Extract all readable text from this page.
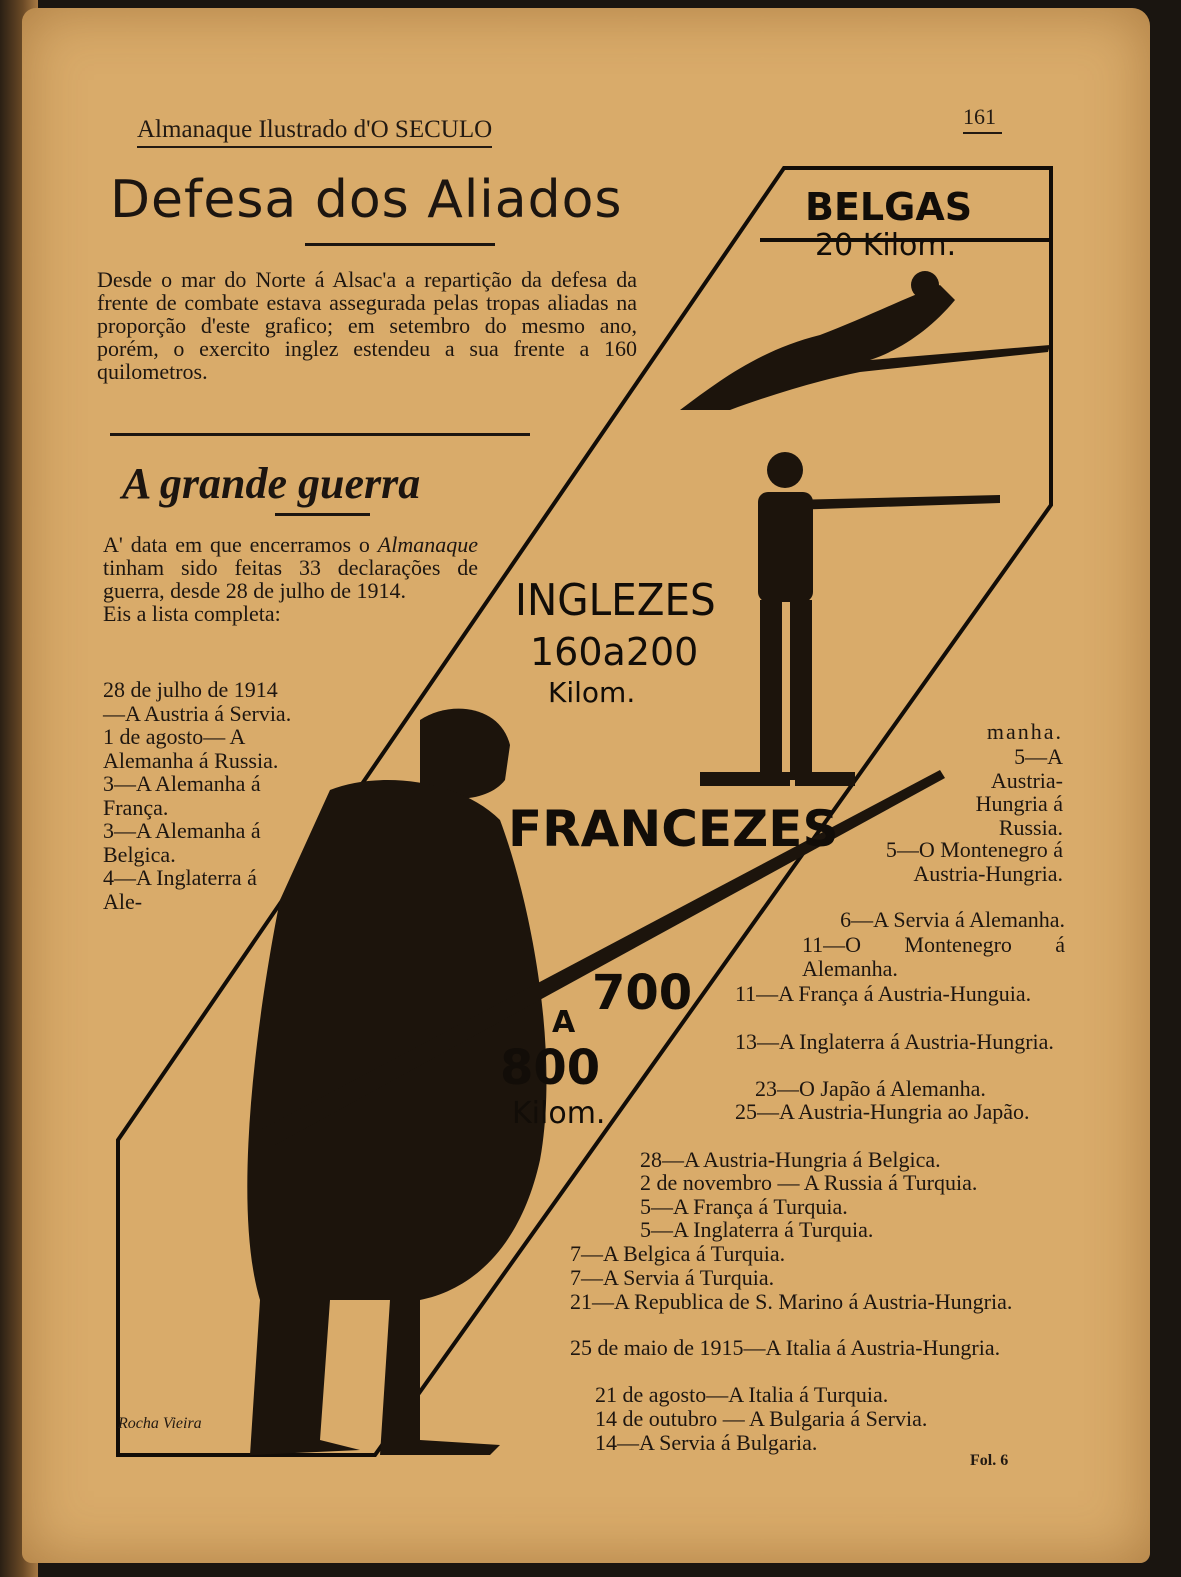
Almanaque Ilustrado d'O SECULO	161
Defesa dos Aliados
Desde o mar do Norte á Alsac'a a repartição da defesa da frente de combate estava assegurada pelas tropas aliadas na proporção d'este grafico; em setembro do mesmo ano, porém, o exercito inglez estendeu a sua frente a 160 quilometros.
A grande guerra
A' data em que encerramos o Almanaque tinham sido feitas 33 declarações de guerra, desde 28 de julho de 1914.
Eis a lista completa:
28 de julho de 1914—A Austria á Servia.
1 de agosto— A Alemanha á Russia.
3—A Alemanha á França.
3—A Alemanha á Belgica.
4—A Inglaterra á Ale-
BELGAS
20 Kilom.
INGLEZES
160a200
Kilom.
FRANCEZES
700
A
800
Kilom.
manha.
5—A Austria-Hungria á Russia.
5—O Montenegro á Austria-Hungria.
6—A Servia á Alemanha.
11—O Montenegro á Alemanha.
11—A França á Austria-Hunguia.
13—A Inglaterra á Austria-Hungria.
23—O Japão á Alemanha.
25—A Austria-Hungria ao Japão.
28—A Austria-Hungria á Belgica.
2 de novembro — A Russia á Turquia.
5—A França á Turquia.
5—A Inglaterra á Turquia.
7—A Belgica á Turquia.
7—A Servia á Turquia.
21—A Republica de S. Marino á Austria-Hungria.
25 de maio de 1915—A Italia á Austria-Hungria.
21 de agosto—A Italia á Turquia.
14 de outubro — A Bulgaria á Servia.
14—A Servia á Bulgaria.
Rocha Vieira
Fol. 6
